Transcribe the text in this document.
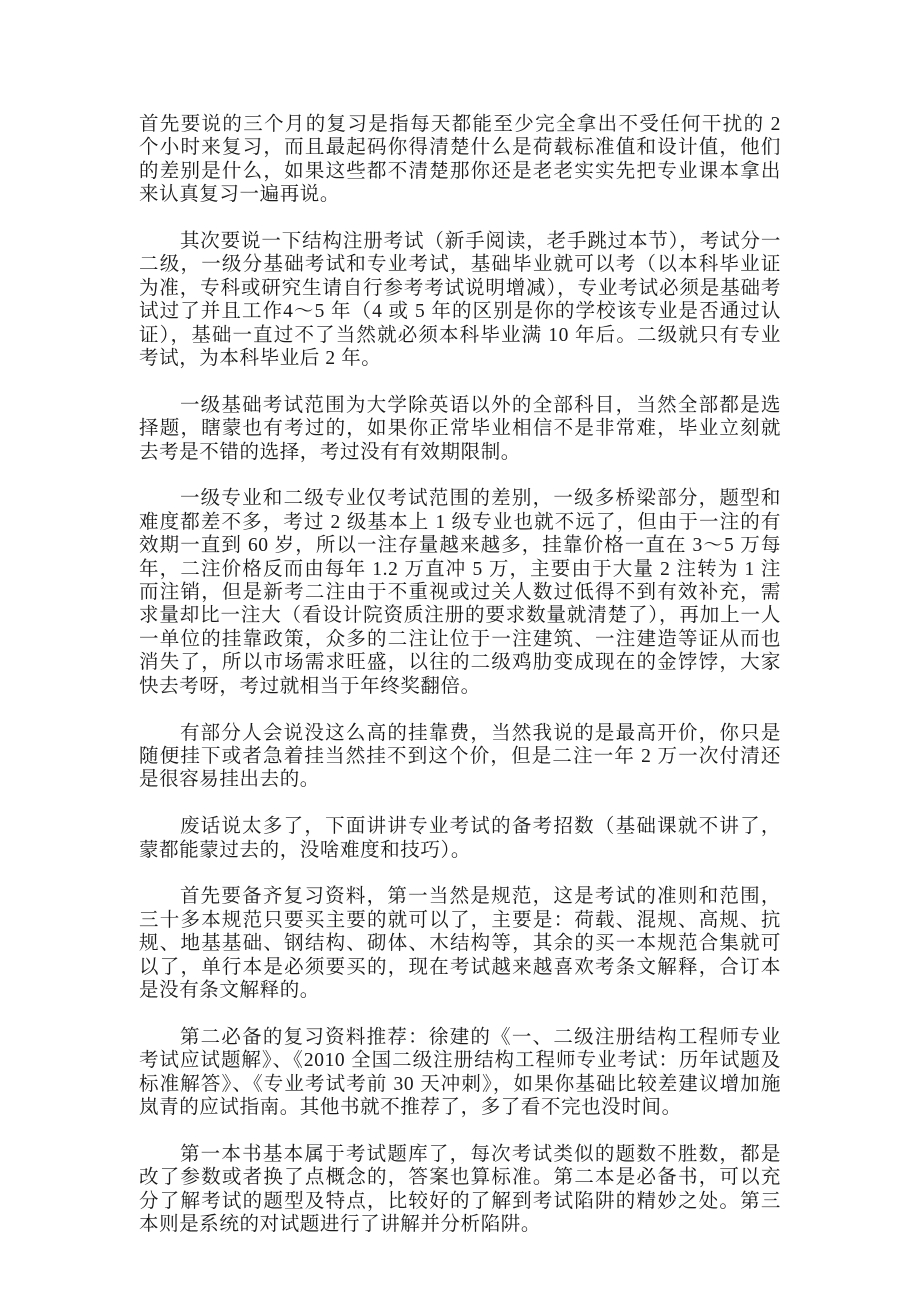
首先要说的三个月的复习是指每天都能至少完全拿出不受任何干扰的 2 个小时来复习，而且最起码你得清楚什么是荷载标准值和设计值，他们的差别是什么，如果这些都不清楚那你还是老老实实先把专业课本拿出来认真复习一遍再说。

其次要说一下结构注册考试（新手阅读，老手跳过本节），考试分一二级，一级分基础考试和专业考试，基础毕业就可以考（以本科毕业证为准，专科或研究生请自行参考考试说明增减），专业考试必须是基础考试过了并且工作4～5 年（4 或 5 年的区别是你的学校该专业是否通过认证），基础一直过不了当然就必须本科毕业满 10 年后。二级就只有专业考试，为本科毕业后 2 年。

一级基础考试范围为大学除英语以外的全部科目，当然全部都是选择题，瞎蒙也有考过的，如果你正常毕业相信不是非常难，毕业立刻就去考是不错的选择，考过没有有效期限制。

一级专业和二级专业仅考试范围的差别，一级多桥梁部分，题型和难度都差不多，考过 2 级基本上 1 级专业也就不远了，但由于一注的有效期一直到 60 岁，所以一注存量越来越多，挂靠价格一直在 3～5 万每年，二注价格反而由每年 1.2 万直冲 5 万，主要由于大量 2 注转为 1 注而注销，但是新考二注由于不重视或过关人数过低得不到有效补充，需求量却比一注大（看设计院资质注册的要求数量就清楚了），再加上一人一单位的挂靠政策，众多的二注让位于一注建筑、一注建造等证从而也消失了，所以市场需求旺盛，以往的二级鸡肋变成现在的金饽饽，大家快去考呀，考过就相当于年终奖翻倍。

有部分人会说没这么高的挂靠费，当然我说的是最高开价，你只是随便挂下或者急着挂当然挂不到这个价，但是二注一年 2 万一次付清还是很容易挂出去的。

废话说太多了，下面讲讲专业考试的备考招数（基础课就不讲了，蒙都能蒙过去的，没啥难度和技巧）。

首先要备齐复习资料，第一当然是规范，这是考试的准则和范围，三十多本规范只要买主要的就可以了，主要是：荷载、混规、高规、抗规、地基基础、钢结构、砌体、木结构等，其余的买一本规范合集就可以了，单行本是必须要买的，现在考试越来越喜欢考条文解释，合订本是没有条文解释的。

第二必备的复习资料推荐：徐建的《一、二级注册结构工程师专业考试应试题解》、《2010 全国二级注册结构工程师专业考试：历年试题及标准解答》、《专业考试考前 30 天冲刺》，如果你基础比较差建议增加施岚青的应试指南。其他书就不推荐了，多了看不完也没时间。

第一本书基本属于考试题库了，每次考试类似的题数不胜数，都是改了参数或者换了点概念的，答案也算标准。第二本是必备书，可以充分了解考试的题型及特点，比较好的了解到考试陷阱的精妙之处。第三本则是系统的对试题进行了讲解并分析陷阱。
